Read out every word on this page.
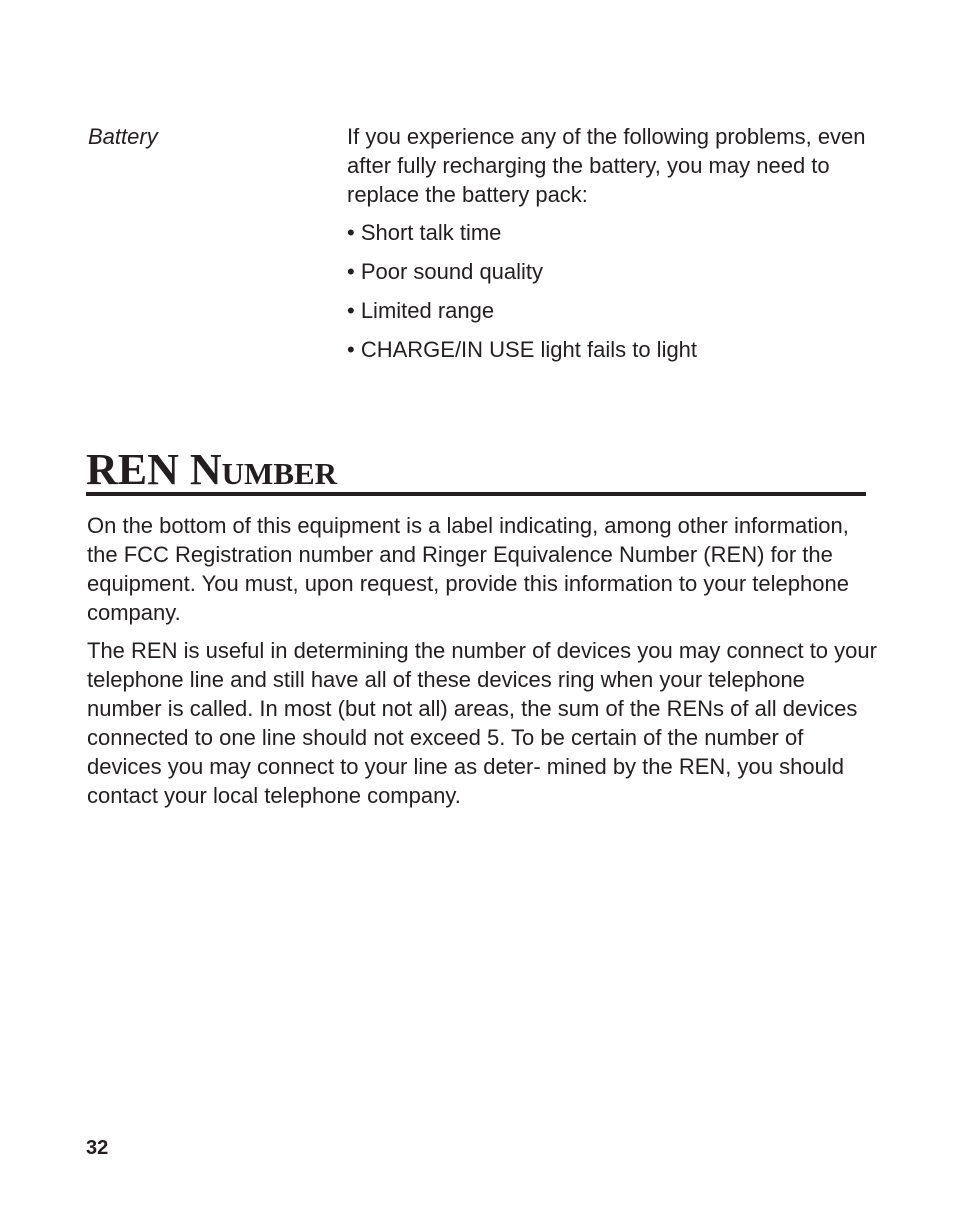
Battery	If you experience any of the following problems, even after fully recharging the battery, you may need to replace the battery pack:

• Short talk time
• Poor sound quality
• Limited range
• CHARGE/IN USE light fails to light
REN Number

On the bottom of this equipment is a label indicating, among other information, the FCC Registration number and Ringer Equivalence Number (REN) for the equipment. You must, upon request, provide this information to your telephone company.

The REN is useful in determining the number of devices you may connect to your telephone line and still have all of these devices ring when your telephone number is called. In most (but not all) areas, the sum of the RENs of all devices connected to one line should not exceed 5. To be certain of the number of devices you may connect to your line as deter- mined by the REN, you should contact your local telephone company.

32
